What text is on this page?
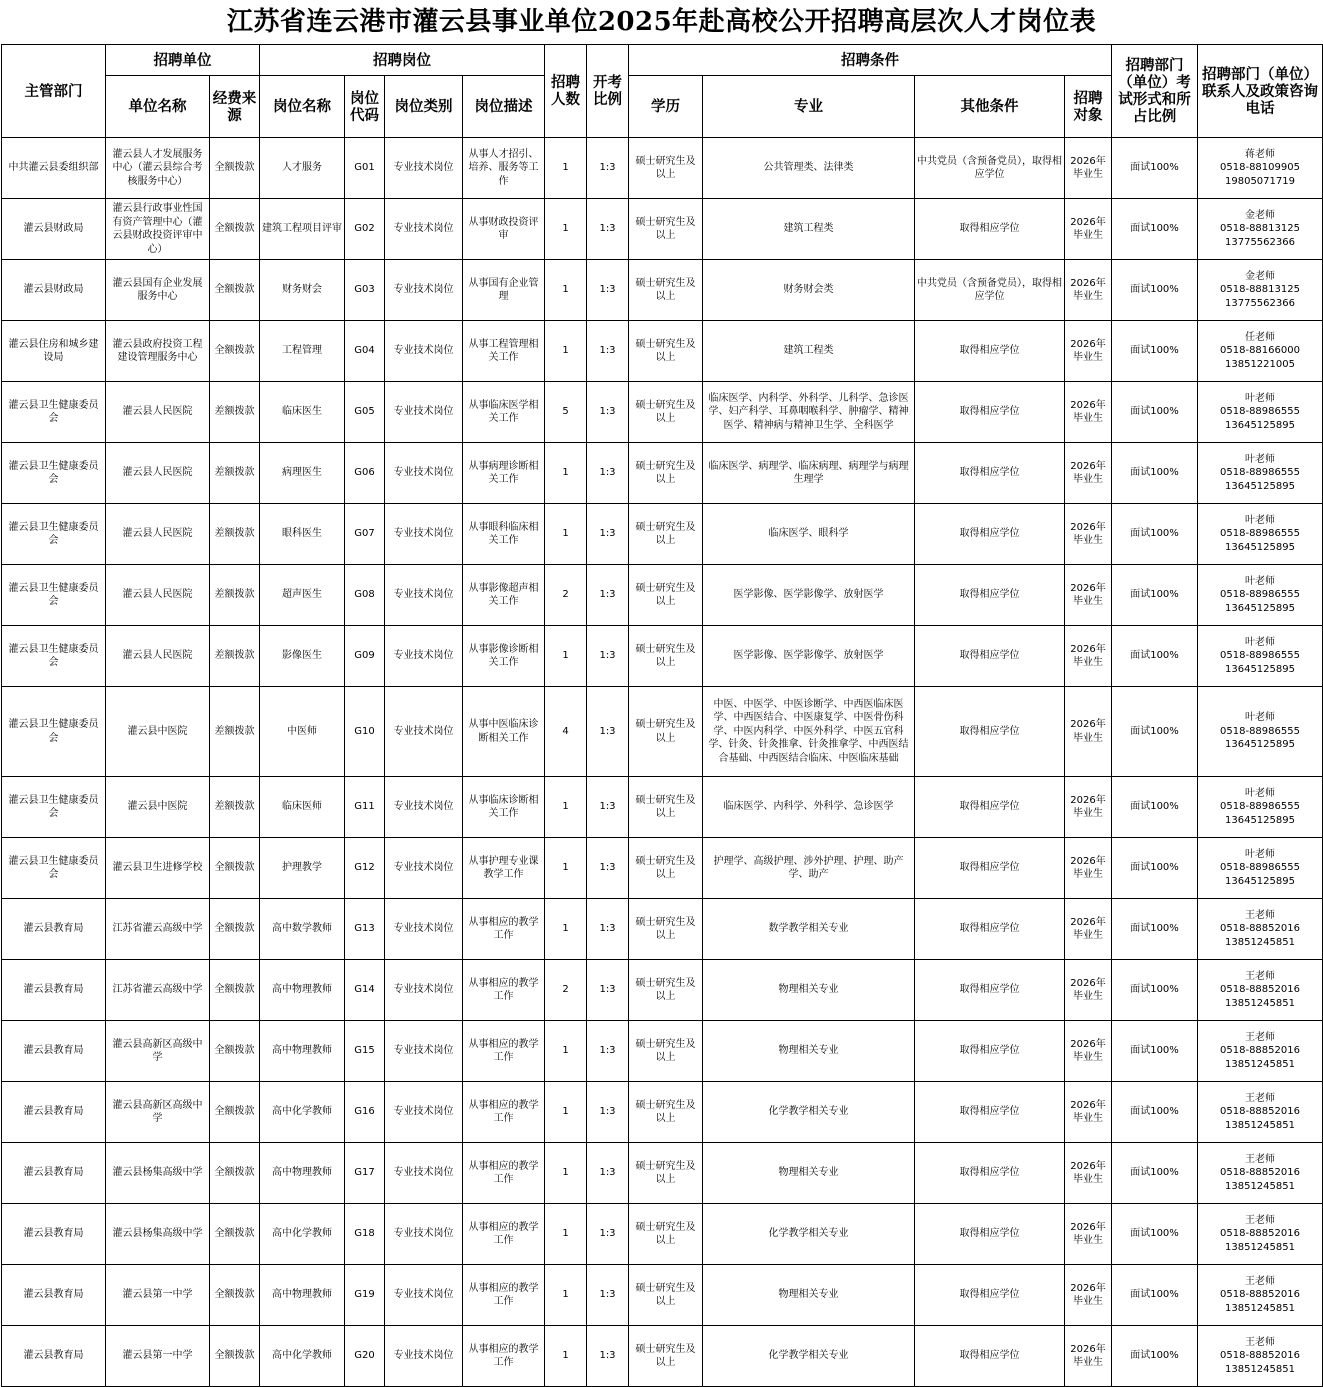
江苏省连云港市灌云县事业单位2025年赴高校公开招聘高层次人才岗位表
主管部门	招聘单位		招聘岗位				招聘人数	开考比例	招聘条件				招聘部门（单位）考试形式和所占比例	招聘部门（单位）联系人及政策咨询电话
	单位名称	经费来源	岗位名称	岗位代码	岗位类别	岗位描述			学历	专业	其他条件	招聘对象		
中共灌云县委组织部	灌云县人才发展服务中心（灌云县综合考核服务中心）	全额拨款	人才服务	G01	专业技术岗位	从事人才招引、培养、服务等工作	1	1:3	硕士研究生及以上	公共管理类、法律类	中共党员（含预备党员），取得相应学位	2026年毕业生	面试100%	蒋老师
0518-88109905
19805071719

灌云县财政局	灌云县行政事业性国有资产管理中心（灌云县财政投资评审中心）	全额拨款	建筑工程项目评审	G02	专业技术岗位	从事财政投资评审	1	1:3	硕士研究生及以上	建筑工程类	取得相应学位	2026年毕业生	面试100%	金老师
0518-88813125
13775562366

灌云县财政局	灌云县国有企业发展服务中心	全额拨款	财务财会	G03	专业技术岗位	从事国有企业管理	1	1:3	硕士研究生及以上	财务财会类	中共党员（含预备党员），取得相应学位	2026年毕业生	面试100%	金老师
0518-88813125
13775562366

灌云县住房和城乡建设局	灌云县政府投资工程建设管理服务中心	全额拨款	工程管理	G04	专业技术岗位	从事工程管理相关工作	1	1:3	硕士研究生及以上	建筑工程类	取得相应学位	2026年毕业生	面试100%	任老师
0518-88166000
13851221005

灌云县卫生健康委员会	灌云县人民医院	差额拨款	临床医生	G05	专业技术岗位	从事临床医学相关工作	5	1:3	硕士研究生及以上	临床医学、内科学、外科学、儿科学、急诊医学、妇产科学、耳鼻咽喉科学、肿瘤学、精神医学、精神病与精神卫生学、全科医学	取得相应学位	2026年毕业生	面试100%	叶老师
0518-88986555
13645125895

灌云县卫生健康委员会	灌云县人民医院	差额拨款	病理医生	G06	专业技术岗位	从事病理诊断相关工作	1	1:3	硕士研究生及以上	临床医学、病理学、临床病理、病理学与病理生理学	取得相应学位	2026年毕业生	面试100%	叶老师
0518-88986555
13645125895

灌云县卫生健康委员会	灌云县人民医院	差额拨款	眼科医生	G07	专业技术岗位	从事眼科临床相关工作	1	1:3	硕士研究生及以上	临床医学、眼科学	取得相应学位	2026年毕业生	面试100%	叶老师
0518-88986555
13645125895

灌云县卫生健康委员会	灌云县人民医院	差额拨款	超声医生	G08	专业技术岗位	从事影像超声相关工作	2	1:3	硕士研究生及以上	医学影像、医学影像学、放射医学	取得相应学位	2026年毕业生	面试100%	叶老师
0518-88986555
13645125895

灌云县卫生健康委员会	灌云县人民医院	差额拨款	影像医生	G09	专业技术岗位	从事影像诊断相关工作	1	1:3	硕士研究生及以上	医学影像、医学影像学、放射医学	取得相应学位	2026年毕业生	面试100%	叶老师
0518-88986555
13645125895

灌云县卫生健康委员会	灌云县中医院	差额拨款	中医师	G10	专业技术岗位	从事中医临床诊断相关工作	4	1:3	硕士研究生及以上	中医、中医学、中医诊断学、中西医临床医学、中西医结合、中医康复学、中医骨伤科学、中医内科学、中医外科学、中医五官科学、针灸、针灸推拿、针灸推拿学、中西医结合基础、中西医结合临床、中医临床基础	取得相应学位	2026年毕业生	面试100%	叶老师
0518-88986555
13645125895

灌云县卫生健康委员会	灌云县中医院	差额拨款	临床医师	G11	专业技术岗位	从事临床诊断相关工作	1	1:3	硕士研究生及以上	临床医学、内科学、外科学、急诊医学	取得相应学位	2026年毕业生	面试100%	叶老师
0518-88986555
13645125895

灌云县卫生健康委员会	灌云县卫生进修学校	全额拨款	护理教学	G12	专业技术岗位	从事护理专业课教学工作	1	1:3	硕士研究生及以上	护理学、高级护理、涉外护理、护理、助产学、助产	取得相应学位	2026年毕业生	面试100%	叶老师
0518-88986555
13645125895

灌云县教育局	江苏省灌云高级中学	全额拨款	高中数学教师	G13	专业技术岗位	从事相应的教学工作	1	1:3	硕士研究生及以上	数学教学相关专业	取得相应学位	2026年毕业生	面试100%	王老师
0518-88852016
13851245851

灌云县教育局	江苏省灌云高级中学	全额拨款	高中物理教师	G14	专业技术岗位	从事相应的教学工作	2	1:3	硕士研究生及以上	物理相关专业	取得相应学位	2026年毕业生	面试100%	王老师
0518-88852016
13851245851

灌云县教育局	灌云县高新区高级中学	全额拨款	高中物理教师	G15	专业技术岗位	从事相应的教学工作	1	1:3	硕士研究生及以上	物理相关专业	取得相应学位	2026年毕业生	面试100%	王老师
0518-88852016
13851245851

灌云县教育局	灌云县高新区高级中学	全额拨款	高中化学教师	G16	专业技术岗位	从事相应的教学工作	1	1:3	硕士研究生及以上	化学教学相关专业	取得相应学位	2026年毕业生	面试100%	王老师
0518-88852016
13851245851

灌云县教育局	灌云县杨集高级中学	全额拨款	高中物理教师	G17	专业技术岗位	从事相应的教学工作	1	1:3	硕士研究生及以上	物理相关专业	取得相应学位	2026年毕业生	面试100%	王老师
0518-88852016
13851245851

灌云县教育局	灌云县杨集高级中学	全额拨款	高中化学教师	G18	专业技术岗位	从事相应的教学工作	1	1:3	硕士研究生及以上	化学教学相关专业	取得相应学位	2026年毕业生	面试100%	王老师
0518-88852016
13851245851

灌云县教育局	灌云县第一中学	全额拨款	高中物理教师	G19	专业技术岗位	从事相应的教学工作	1	1:3	硕士研究生及以上	物理相关专业	取得相应学位	2026年毕业生	面试100%	王老师
0518-88852016
13851245851

灌云县教育局	灌云县第一中学	全额拨款	高中化学教师	G20	专业技术岗位	从事相应的教学工作	1	1:3	硕士研究生及以上	化学教学相关专业	取得相应学位	2026年毕业生	面试100%	王老师
0518-88852016
13851245851
